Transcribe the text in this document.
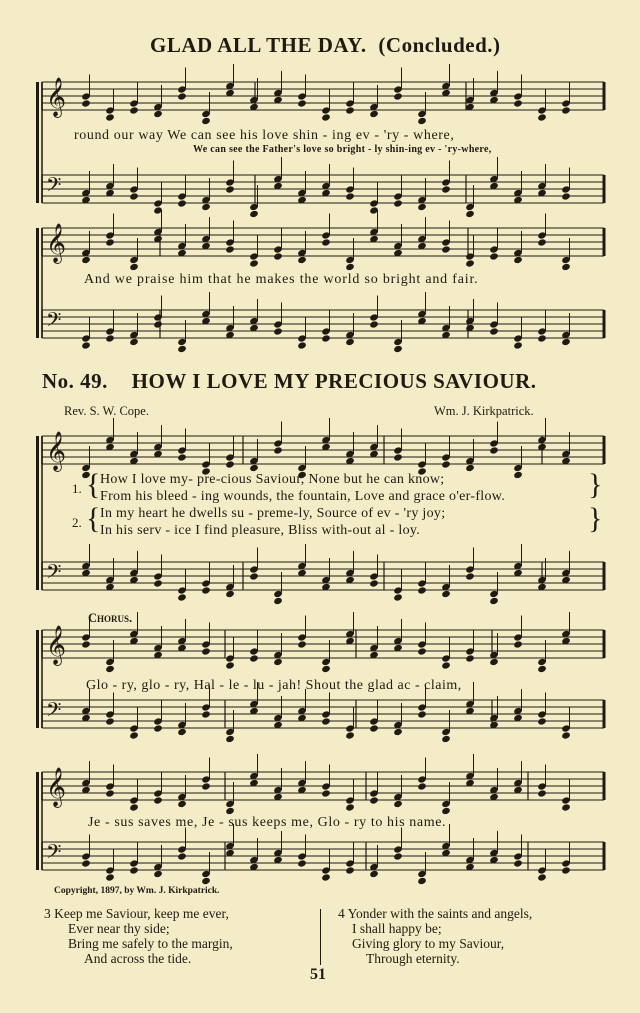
GLAD ALL THE DAY. (Concluded.)
𝄞
𝄢
𝄞
𝄢
𝄞
𝄢
𝄞
𝄢
𝄞
𝄢
round our way We can see his love shin - ing ev - 'ry - where,
We can see the Father's love so bright - ly shin-ing ev - 'ry-where,
And we praise him that he makes the world so bright and fair.
No. 49. HOW I LOVE MY PRECIOUS SAVIOUR.
Rev. S. W. Cope.	Wm. J. Kirkpatrick.
1. { How I love my- pre-cious Saviour, None but he can know;
From his bleed - ing wounds, the fountain, Love and grace o'er-flow.	}
2. { In my heart he dwells su - preme-ly, Source of ev - 'ry joy;
In his serv - ice I find pleasure, Bliss with-out al - loy.	}
Chorus.
Glo - ry, glo - ry, Hal - le - lu - jah! Shout the glad ac - claim,
Je - sus saves me, Je - sus keeps me, Glo - ry to his name.
Copyright, 1897, by Wm. J. Kirkpatrick.
3 Keep me Saviour, keep me ever,
Ever near thy side;
Bring me safely to the margin,
And across the tide.
4 Yonder with the saints and angels,
I shall happy be;
Giving glory to my Saviour,
Through eternity.
51
